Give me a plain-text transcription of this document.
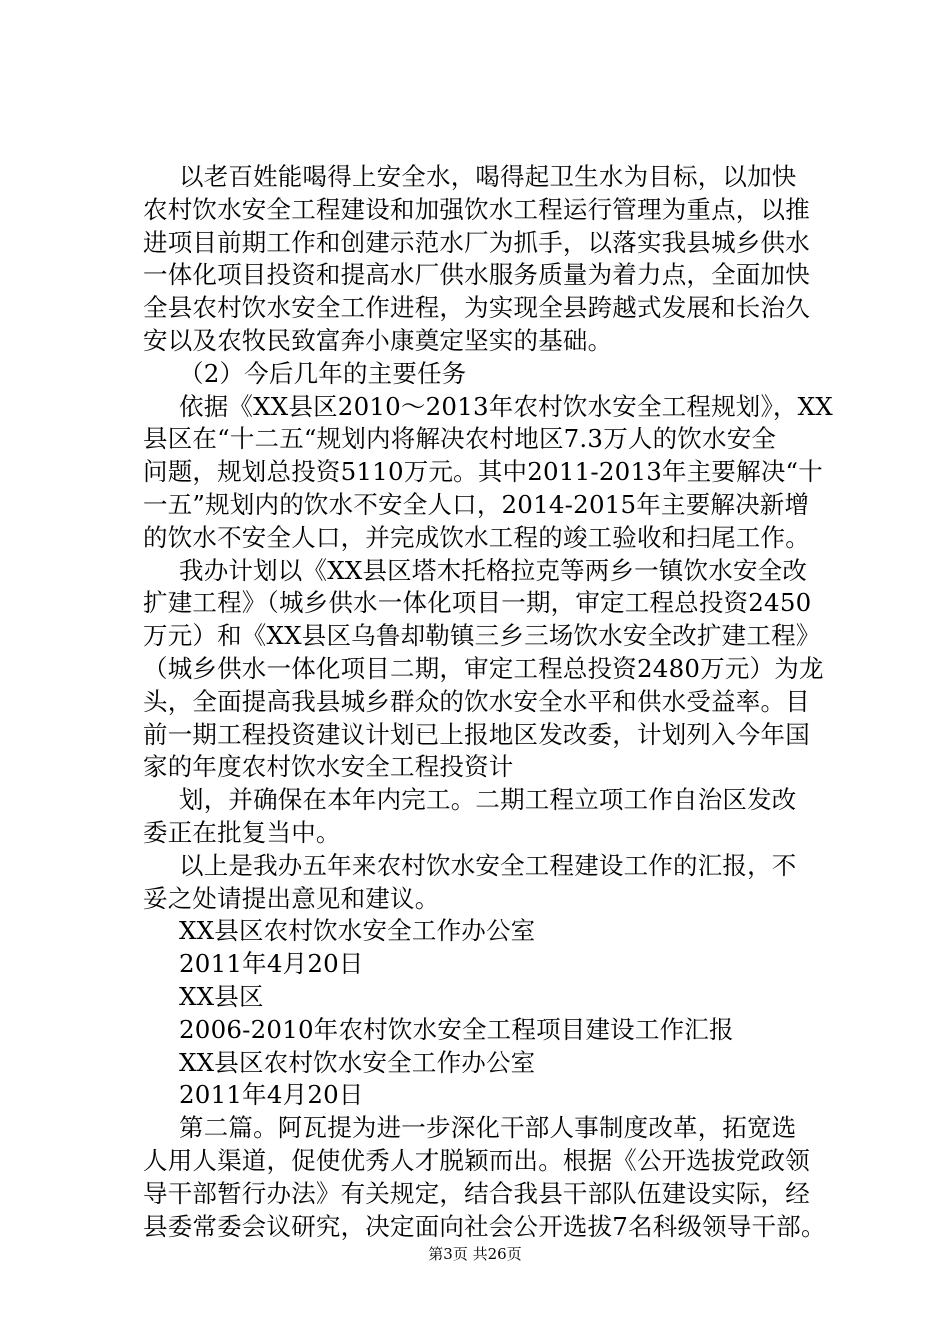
以老百姓能喝得上安全水，喝得起卫生水为目标，以加快
农村饮水安全工程建设和加强饮水工程运行管理为重点，以推
进项目前期工作和创建示范水厂为抓手，以落实我县城乡供水
一体化项目投资和提高水厂供水服务质量为着力点，全面加快
全县农村饮水安全工作进程，为实现全县跨越式发展和长治久
安以及农牧民致富奔小康奠定坚实的基础。
（2）今后几年的主要任务
依据《XX县区2010～2013年农村饮水安全工程规划》，XX
县区在“十二五“规划内将解决农村地区7.3万人的饮水安全
问题，规划总投资5110万元。其中2011-2013年主要解决“十
一五”规划内的饮水不安全人口，2014-2015年主要解决新增
的饮水不安全人口，并完成饮水工程的竣工验收和扫尾工作。
我办计划以《XX县区塔木托格拉克等两乡一镇饮水安全改
扩建工程》（城乡供水一体化项目一期，审定工程总投资2450
万元）和《XX县区乌鲁却勒镇三乡三场饮水安全改扩建工程》
（城乡供水一体化项目二期，审定工程总投资2480万元）为龙
头，全面提高我县城乡群众的饮水安全水平和供水受益率。目
前一期工程投资建议计划已上报地区发改委，计划列入今年国
家的年度农村饮水安全工程投资计
划，并确保在本年内完工。二期工程立项工作自治区发改
委正在批复当中。
以上是我办五年来农村饮水安全工程建设工作的汇报，不
妥之处请提出意见和建议。
XX县区农村饮水安全工作办公室
2011年4月20日
XX县区
2006-2010年农村饮水安全工程项目建设工作汇报
XX县区农村饮水安全工作办公室
2011年4月20日
第二篇。阿瓦提为进一步深化干部人事制度改革，拓宽选
人用人渠道，促使优秀人才脱颖而出。根据《公开选拔党政领
导干部暂行办法》有关规定，结合我县干部队伍建设实际，经
县委常委会议研究，决定面向社会公开选拔7名科级领导干部。
第3页 共26页
